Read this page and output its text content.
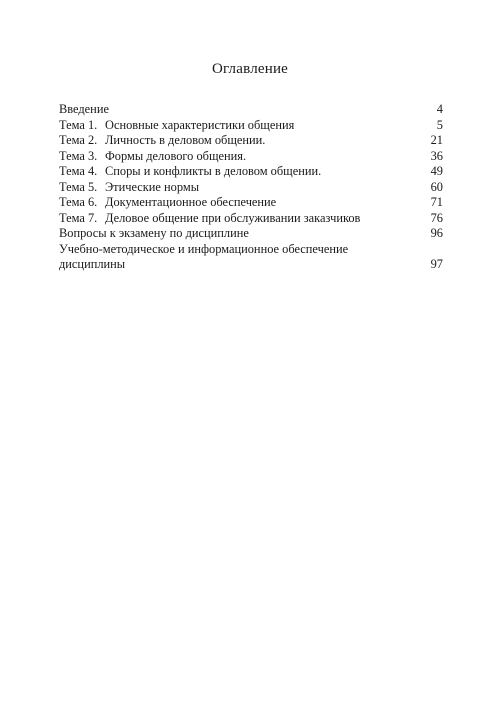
Оглавление
Введение	4
Тема 1. Основные характеристики общения	5
Тема 2. Личность в деловом общении.	21
Тема 3. Формы делового общения.	36
Тема 4. Споры и конфликты в деловом общении.	49
Тема 5. Этические нормы	60
Тема 6. Документационное обеспечение	71
Тема 7. Деловое общение при обслуживании заказчиков	76
Вопросы к экзамену по дисциплине	96
Учебно-методическое и информационное обеспечение
дисциплины	97
